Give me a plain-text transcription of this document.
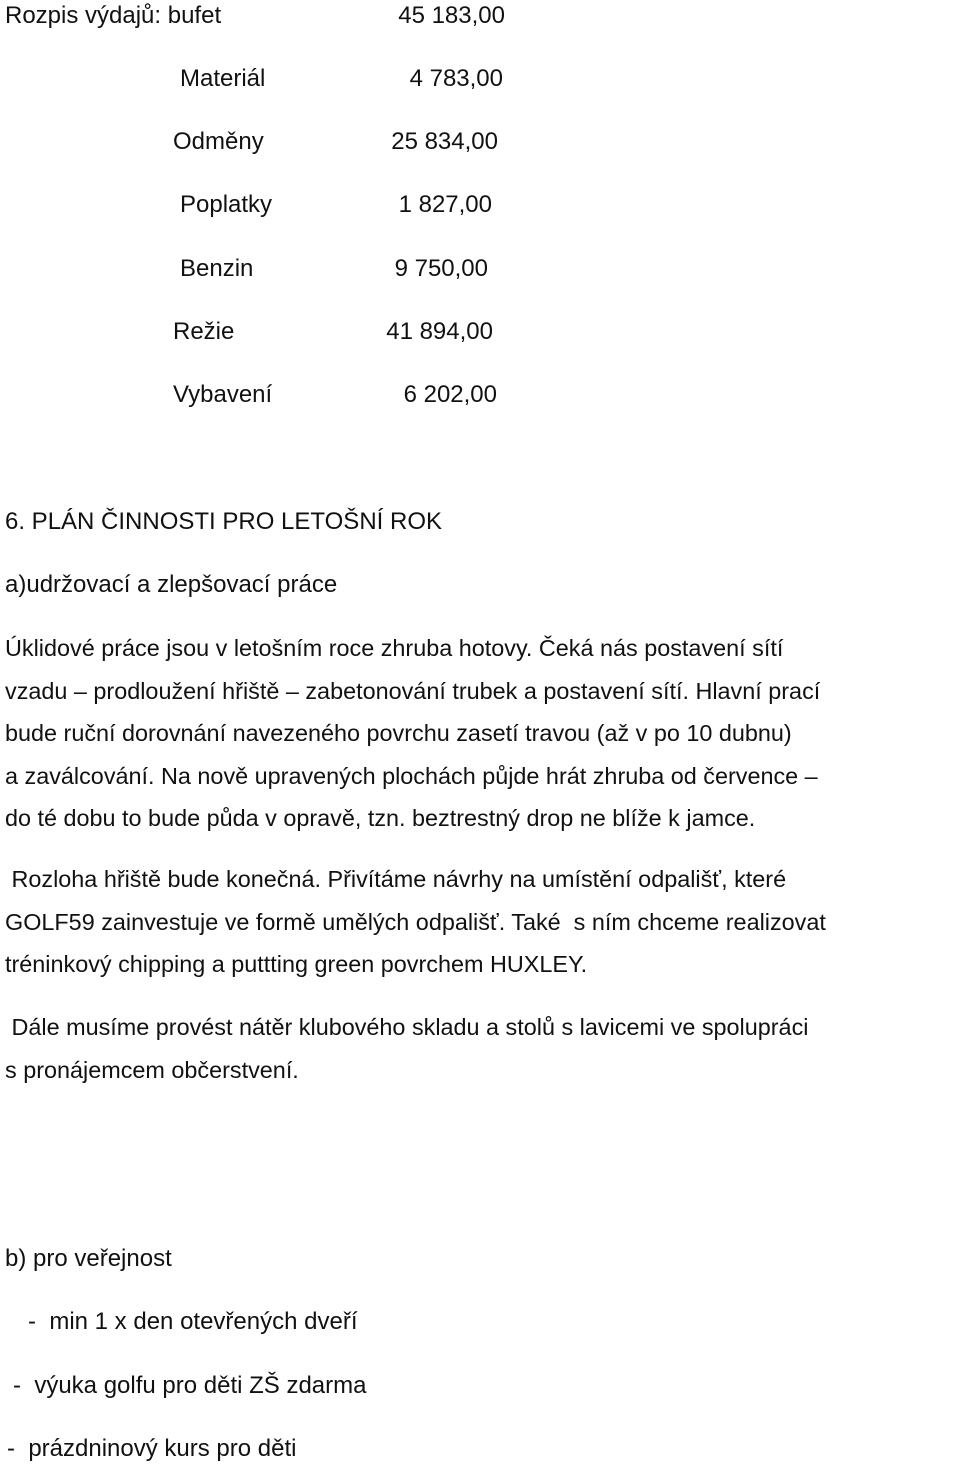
Rozpis výdajů: bufet	45 183,00
Materiál	4 783,00
Odměny	25 834,00
Poplatky	1 827,00
Benzin	9 750,00
Režie	41 894,00
Vybavení	6 202,00
6. PLÁN ČINNOSTI PRO LETOŠNÍ ROK
a)udržovací a zlepšovací práce

Úklidové práce jsou v letošním roce zhruba hotovy. Čeká nás postavení sítí

vzadu – prodloužení hřiště – zabetonování trubek a postavení sítí. Hlavní prací

bude ruční dorovnání navezeného povrchu zasetí travou (až v po 10 dubnu)

a zaválcování. Na nově upravených plochách půjde hrát zhruba od července –

do té dobu to bude půda v opravě, tzn. beztrestný drop ne blíže k jamce.

Rozloha hřiště bude konečná. Přivítáme návrhy na umístění odpališť, které

GOLF59 zainvestuje ve formě umělých odpališť. Také  s ním chceme realizovat

tréninkový chipping a puttting green povrchem HUXLEY.

Dále musíme provést nátěr klubového skladu a stolů s lavicemi ve spolupráci

s pronájemcem občerstvení.

b) pro veřejnost
-  min 1 x den otevřených dveří
-  výuka golfu pro děti ZŠ zdarma
-  prázdninový kurs pro děti
